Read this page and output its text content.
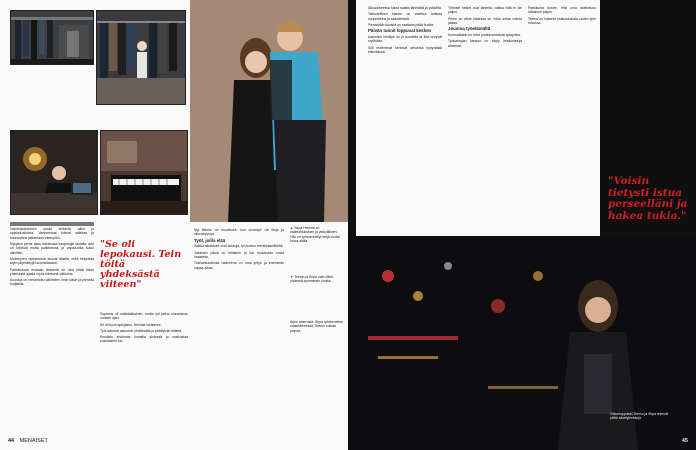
▲ Sirpa Heinola on vaaleahiuksinen ja ystävällinen. Hän on työskennellyt neljä vuotta hoiva-alalla.
▼ Teemu ja Sirpa ovat olleet yhdessä kymmenen vuotta.
Arjen aherrusta: Sirpa työskentelee vaateliikkeessä, Teemu soittaa pianoa.

Valmistautuminen uusiin tehtäviin alkoi jo opiskeluaikoina. Vanhemmat tukivat valintaa ja kannustivat jatkamaan eteenpäin.

Nykyisin perhe asuu kaksiossa kaupungin laidalla. Arki on kiireistä mutta palkitsevaa, ja vapaa-aika kuluu ulkoillen.

Molempien vanhemmat asuvat lähellä, mikä helpottaa arjen järjestelyjä huomattavasti.

Pariskunnan mukaan tärkeintä on ollut pitää kiinni yhteisestä ajasta myös kiireisinä viikkoina.

Asuntoa on remontoitu vähitellen omin käsin ja pienellä budjetilla.

"Se oli lepokausi. Tein töitä yhdeksästä viiteen"

Sopimus oli määräaikainen, mutta työ jatkui useamman vuoden ajan.

Se oli hyvä ajanjakso, Heinola muistelee.

Työt alkoivat aamuisin yhdeksältä ja päättyivät viideltä.

Kesäisin ehdimme lomailla yhdessä ja matkustaa sukulaisten luo.

Nyt tilanne on muuttunut, kun vuorotyö vie iltoja ja viikonloppuja.

Työt, joilla elää

Vaikka aikataulut ovat tiukkoja, työ tuntuu merkitykselliseltä.

Jokainen päivä on erilainen ja tuo mukanaan uusia haasteita.

Tulevaisuudessa haaveena on oma yritys ja enemmän vapaa-aikaa.

44 MENAISET

Alkuvaiheessa tukea saatiin läheisiltä ja ystäviltä.

Taloudellinen tilanne on vaatinut tarkkaa suunnittelua ja säästämistä.

Pienistäkin tuloista on osattava pitää huolta.

Päivän tunnit loppuvat kesken

Aamuisin herätys on jo kuudelta ja illat venyvät myöhään.

Silti molemmat kertovat olevansa tyytyväisiä elämäänsä.

Yhteiset hetket ovat tärkeitä, vaikka niitä ei ole paljon.

Perhe on viime kädessä se, mikä antaa voimia jatkaa.

Joustoa työelämältä

Kummallakin on toive joustavammista työajoista.

Työnantajan kanssa on käyty keskusteluja aiheesta.

Pariskunta kokee, että oma aktiivisuus ratkaisee paljon.

Teemu on hakenut lisäkoulutusta uuden työn toivossa.

"Voisin tietysti istua perseelläni ja hakea tukia."
Viikonloppuisin Teemu ja Sirpa tekevät pitkiä kävelylenkkejä.
45
